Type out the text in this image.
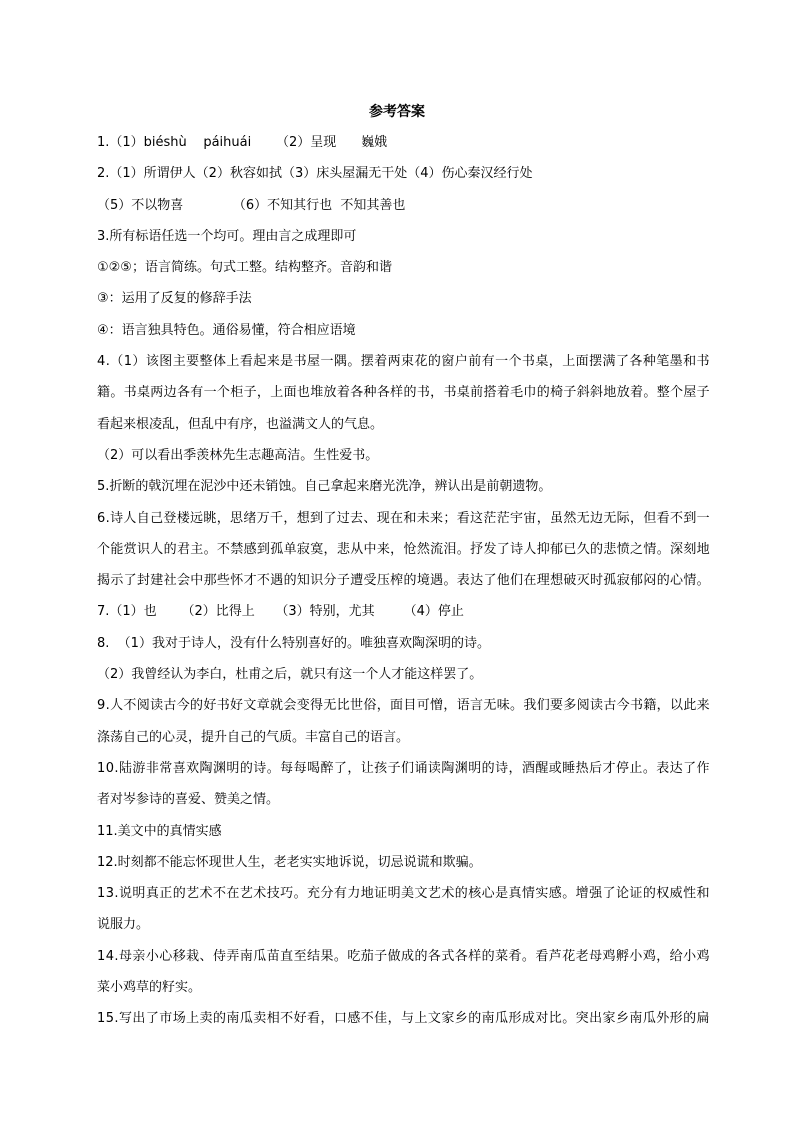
参考答案
1.（1）biéshù    páihuái      （2）呈现      巍娥
2.（1）所谓伊人（2）秋容如拭（3）床头屋漏无干处（4）伤心秦汉经行处
（5）不以物喜            （6）不知其行也  不知其善也
3.所有标语任选一个均可。理由言之成理即可
①②⑤；语言简练。句式工整。结构整齐。音韵和谐
③：运用了反复的修辞手法
④：语言独具特色。通俗易懂，符合相应语境
4.（1）该图主要整体上看起来是书屋一隅。摆着两束花的窗户前有一个书桌，上面摆满了各种笔墨和书
籍。书桌两边各有一个柜子，上面也堆放着各种各样的书，书桌前搭着毛巾的椅子斜斜地放着。整个屋子
看起来根凌乱，但乱中有序，也溢满文人的气息。
（2）可以看出季羡林先生志趣高洁。生性爱书。
5.折断的戟沉埋在泥沙中还未销蚀。自己拿起来磨光洗净，辨认出是前朝遗物。
6.诗人自己登楼远眺，思绪万千，想到了过去、现在和未来；看这茫茫宇宙，虽然无边无际，但看不到一
个能赏识人的君主。不禁感到孤单寂寞，悲从中来，怆然流泪。抒发了诗人抑郁已久的悲愤之情。深刻地
揭示了封建社会中那些怀才不遇的知识分子遭受压榨的境遇。表达了他们在理想破灭时孤寂郁闷的心情。
7.（1）也      （2）比得上     （3）特别，尤其       （4）停止
8.  （1）我对于诗人，没有什么特别喜好的。唯独喜欢陶深明的诗。
（2）我曾经认为李白，杜甫之后，就只有这一个人才能这样罢了。
9.人不阅读古今的好书好文章就会变得无比世俗，面目可憎，语言无味。我们要多阅读古今书籍，以此来
涤荡自己的心灵，提升自己的气质。丰富自己的语言。
10.陆游非常喜欢陶渊明的诗。每每喝醉了，让孩子们诵读陶渊明的诗，酒醒或睡热后才停止。表达了作
者对岑参诗的喜爱、赞美之情。
11.美文中的真情实感
12.时刻都不能忘怀现世人生，老老实实地诉说，切忌说谎和欺骗。
13.说明真正的艺术不在艺术技巧。充分有力地证明美文艺术的核心是真情实感。增强了论证的权威性和
说服力。
14.母亲小心移栽、侍弄南瓜苗直至结果。吃茄子做成的各式各样的菜肴。看芦花老母鸡孵小鸡，给小鸡
菜小鸡草的籽实。
15.写出了市场上卖的南瓜卖相不好看，口感不佳，与上文家乡的南瓜形成对比。突出家乡南瓜外形的扁
